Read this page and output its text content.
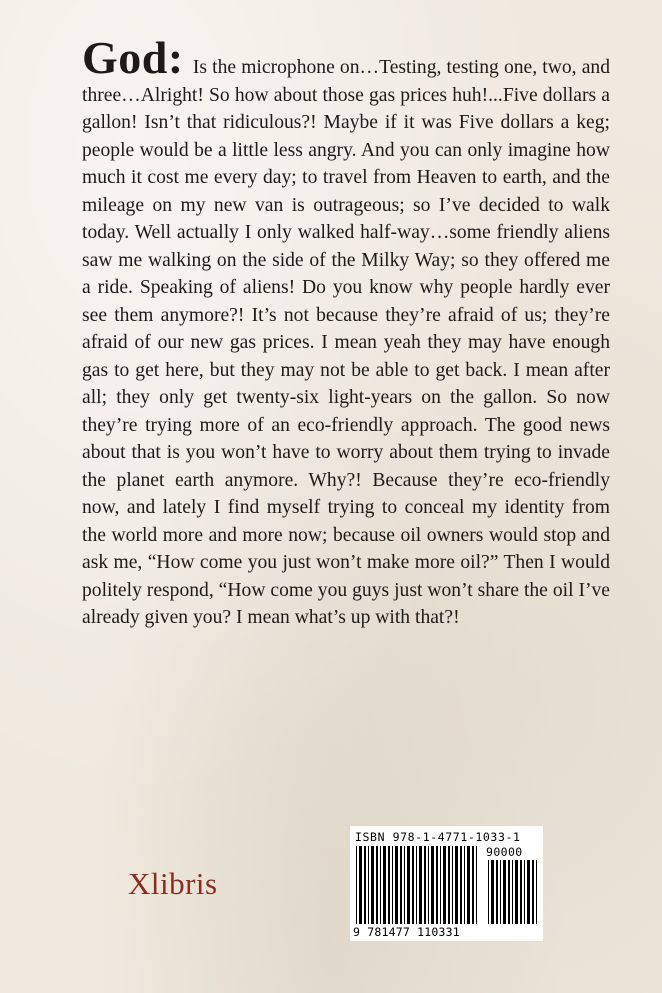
God: Is the microphone on…Testing, testing one, two, and three…Alright! So how about those gas prices huh!...Five dollars a gallon! Isn’t that ridiculous?! Maybe if it was Five dollars a keg; people would be a little less angry. And you can only imagine how much it cost me every day; to travel from Heaven to earth, and the mileage on my new van is outrageous; so I’ve decided to walk today. Well actually I only walked half-way…some friendly aliens saw me walking on the side of the Milky Way; so they offered me a ride. Speaking of aliens! Do you know why people hardly ever see them anymore?! It’s not because they’re afraid of us; they’re afraid of our new gas prices. I mean yeah they may have enough gas to get here, but they may not be able to get back. I mean after all; they only get twenty-six light-years on the gallon. So now they’re trying more of an eco-friendly approach. The good news about that is you won’t have to worry about them trying to invade the planet earth anymore. Why?! Because they’re eco-friendly now, and lately I find myself trying to conceal my identity from the world more and more now; because oil owners would stop and ask me, “How come you just won’t make more oil?” Then I would politely respond, “How come you guys just won’t share the oil I’ve already given you? I mean what’s up with that?!

Xlibris
ISBN 978-1-4771-1033-1
90000
9 781477 110331
